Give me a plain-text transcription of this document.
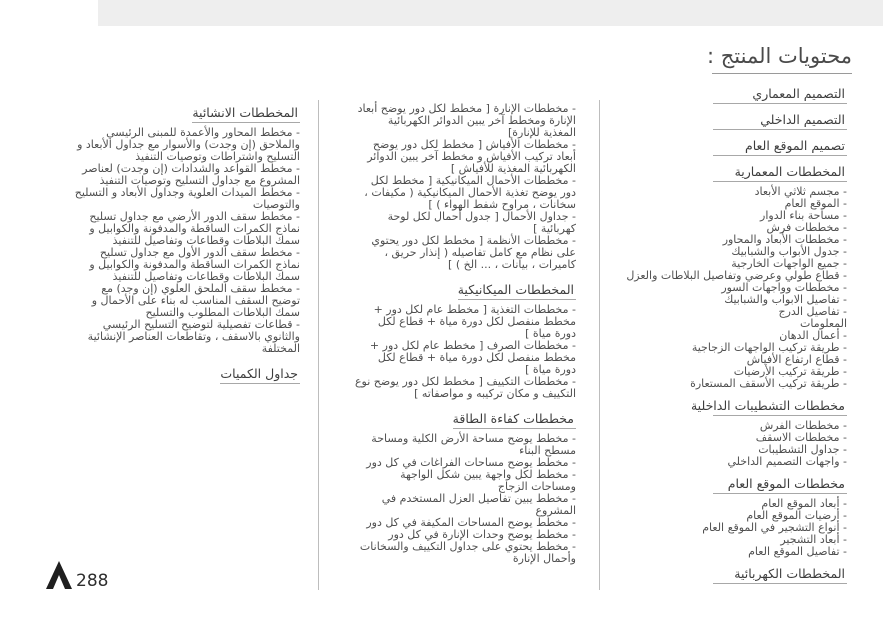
محتويات المنتج :
التصميم المعماري
التصميم الداخلي
تصميم الموقع العام
المخططات المعمارية
- مجسم ثلاثي الأبعاد
- الموقع العام
- مساحة بناء الدوار
- مخططات فرش
- مخططات الأبعاد والمحاور
- جدول الأبواب والشبابيك
- جميع الواجهات الخارجية
- قطاع طولي وعرضي وتفاصيل البلاطات والعزل
- مخططات وواجهات السور
- تفاصيل الابواب والشبابيك
- تفاصيل الدرج
المعلومات
- أعمال الدهان
- طريقة تركيب الواجهات الزجاجية
- قطاع ارتفاع الأفياش
- طريقة تركيب الأرضيات
- طريقة تركيب الأسقف المستعارة
مخططات التشطيبات الداخلية
- مخططات الفرش
- مخططات الاسقف
- جداول التشطيبات
- واجهات التصميم الداخلي
مخططات الموقع العام
- أبعاد الموقع العام
- أرضيات الموقع العام
- أنواع التشجير في الموقع العام
- أبعاد التشجير
- تفاصيل الموقع العام
المخططات الكهربائية
- مخططات الإنارة [ مخطط لكل دور يوضح أبعاد الإنارة ومخطط آخر يبين الدوائر الكهربائية المغذية للإنارة]
- مخططات الأفياش [ مخطط لكل دور يوضح أبعاد تركيب الأفياش و مخطط آخر يبين الدوائر الكهربائية المغذية للأفياش ]
- مخططات الأحمال الميكانيكية [ مخطط لكل دور يوضح تغذية الأحمال الميكانيكية ( مكيفات ، سخانات ، مراوح شفط الهواء ) ]
- جداول الأحمال [ جدول أحمال لكل لوحة كهربائية ]
- مخططات الأنظمة [ مخطط لكل دور يحتوي على نظام مع كامل تفاصيله ( إنذار حريق ، كاميرات ، بيانات ، ... الخ ) ]
المخططات الميكانيكية
- مخططات التغذية [ مخطط عام لكل دور + مخطط منفصل لكل دورة مياة + قطاع لكل دورة مياة ]
- مخططات الصرف [ مخطط عام لكل دور + مخطط منفصل لكل دورة مياة + قطاع لكل دورة مياة ]
- مخططات التكييف [ مخطط لكل دور يوضح نوع التكييف و مكان تركيبه و مواصفاته ]
مخططات كفاءة الطاقة
- مخطط يوضح مساحة الأرض الكلية ومساحة مسطح البناء
- مخطط يوضح مساحات الفراغات في كل دور
- مخطط لكل واجهة يبين شكل الواجهة ومساحات الزجاج
- مخطط يبين تفاصيل العزل المستخدم في المشروع
- مخطط يوضح المساحات المكيفة في كل دور
- مخطط يوضح وحدات الإنارة في كل دور
- مخطط يحتوي على جداول التكييف والسخانات وأحمال الإنارة
المخططات الانشائية
- مخطط المحاور والأعمدة للمبنى الرئيسي والملاحق (إن وجدت) والأسوار مع جداول الأبعاد و التسليح واشتراطات وتوصيات التنفيذ
- مخطط القواعد والشدادات (إن وجدت) لعناصر المشروع مع جداول التسليح وتوصيات التنفيذ
- مخطط الميدات العلوية وجداول الأبعاد و التسليح والتوصيات
- مخطط سقف الدور الأرضي مع جداول تسليح نماذج الكمرات الساقطة والمدفونة والكوابيل و سمك البلاطات وقطاعات وتفاصيل للتنفيذ
- مخطط سقف الدور الأول مع جداول تسليح نماذج الكمرات الساقطة والمدفونة والكوابيل و سمك البلاطات وقطاعات وتفاصيل للتنفيذ
- مخطط سقف الملحق العلوي (إن وجد) مع توضيح السقف المناسب له بناء على الأحمال و سمك البلاطات المطلوب والتسليح
- قطاعات تفصيلية لتوضيح التسليح الرئيسي والثانوي بالاسقف ، وتقاطعات العناصر الإنشائية المختلفة
جداول الكميات
288
